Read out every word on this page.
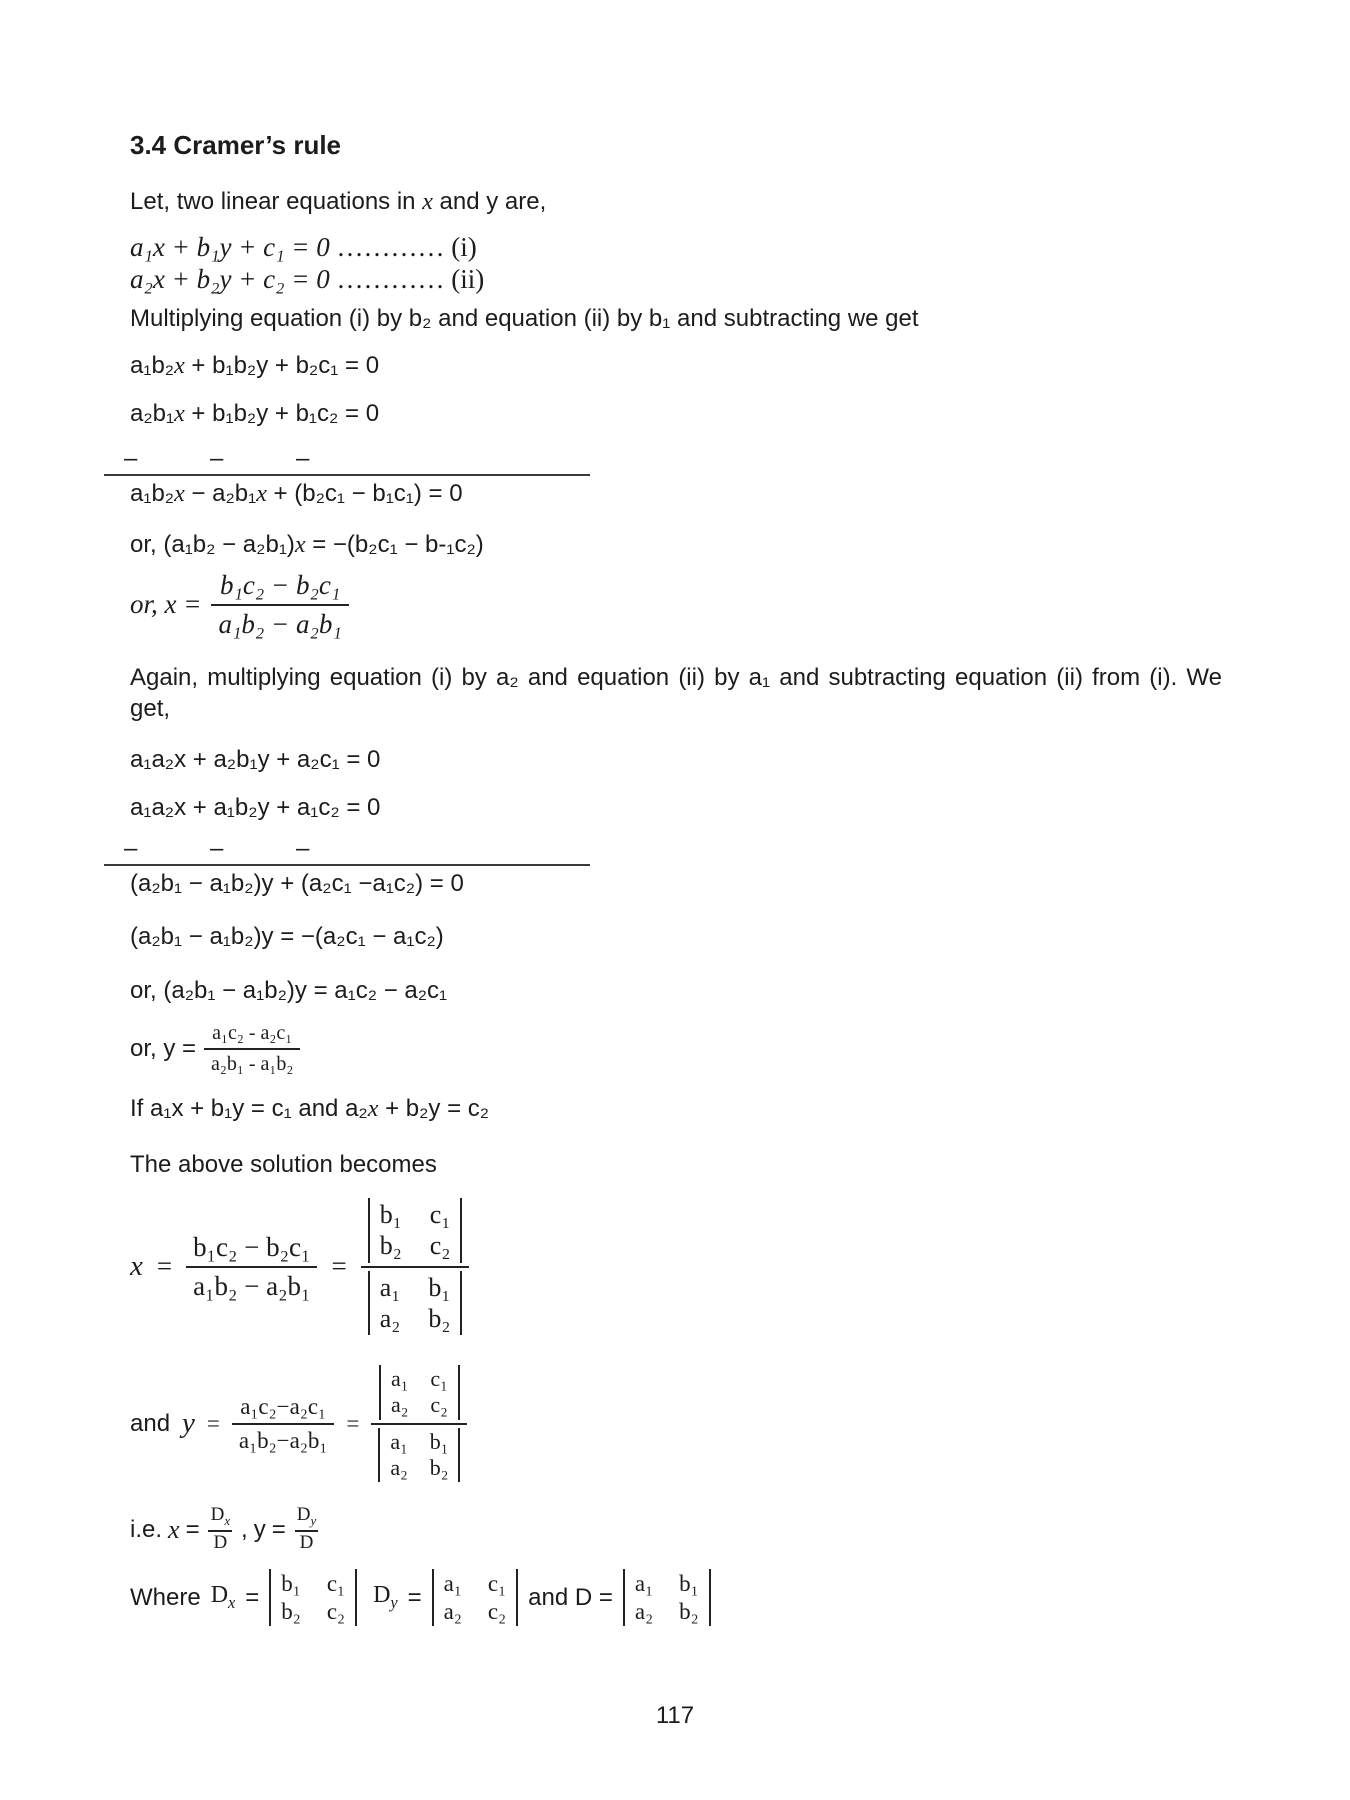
3.4 Cramer’s rule
Let, two linear equations in x and y are,
a₁x + b₁y + c₁ = 0 ………… (i)
a₂x + b₂y + c₂ = 0 ………… (ii)
Multiplying equation (i) by b₂ and equation (ii) by b₁ and subtracting we get
a₁b₂x + b₁b₂y + b₂c₁ = 0
a₂b₁x + b₁b₂y + b₁c₂ = 0
–	–	–
a₁b₂x − a₂b₁x + (b₂c₁ − b₁c₁) = 0
or, (a₁b₂ − a₂b₁)x = −(b₂c₁ − b-₁c₂)
or, $x = \frac{\text{b₁c₂ − b₂c₁}}{\text{a₁b₂ − a₂b₁}}$
Again, multiplying equation (i) by a₂ and equation (ii) by a₁ and subtracting equation (ii) from (i). We get,
a₁a₂x + a₂b₁y + a₂c₁ = 0
a₁a₂x + a₁b₂y + a₁c₂ = 0
–	–	–
(a₂b₁ − a₁b₂)y + (a₂c₁ −a₁c₂) = 0
(a₂b₁ − a₁b₂)y = −(a₂c₁ − a₁c₂)
or, (a₂b₁ − a₁b₂)y = a₁c₂ − a₂c₁
or, $y = \frac{\text{a₁c₂ - a₂c₁}}{\text{a₂b₁ - a₁b₂}}$
If a₁x + b₁y = c₁ and a₂x + b₂y = c₂
The above solution becomes
$x = \frac{\text{b₁c₂ − b₂c₁}}{\text{a₁b₂ − a₂b₁}} = b_1$ c₁
b₂ c₂
a₁ b₁
a₂ b₂
and $y = \frac{\text{a₁c₂−a₂c₁}}{\text{a₁b₂−a₂b₁}} = a_1$ c₁
a₂ c₂
a₁ b₁
a₂ b₂
i.e. $x = \frac{D_x}{D}$ , $y = \frac{D_y}{D}$
Where $D_x$ =
b₁ c₁
b₂ c₂
$D_y$ =
a₁ c₁
a₂ c₂
and D =
a₁ b₁
a₂ b₂
117
